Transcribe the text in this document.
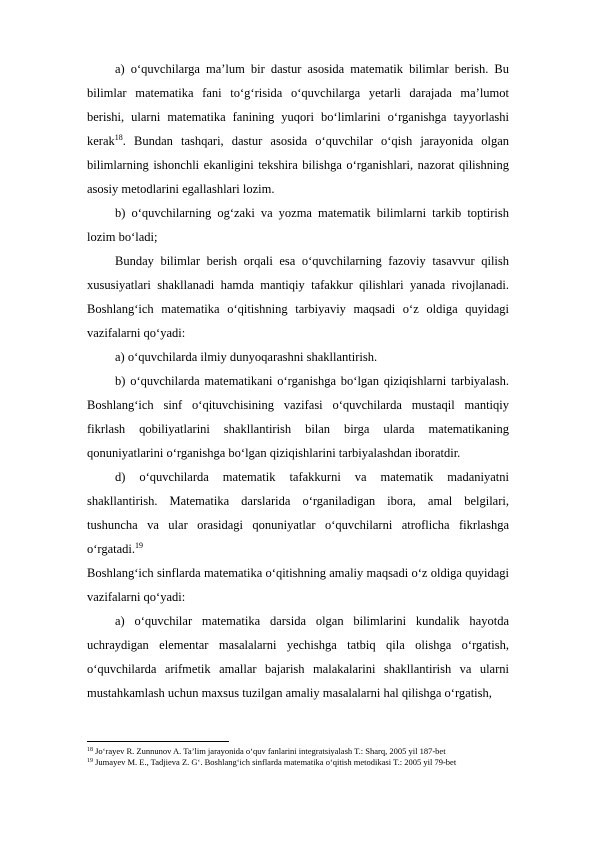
a) o‘quvchilarga ma’lum bir dastur asosida matematik bilimlar berish. Bu bilimlar matematika fani to‘g‘risida o‘quvchilarga yetarli darajada ma’lumot berishi, ularni matematika fanining yuqori bo‘limlarini o‘rganishga tayyorlashi kerak$^{18}$. Bundan tashqari, dastur asosida o‘quvchilar o‘qish jarayonida olgan bilimlarning ishonchli ekanligini tekshira bilishga o‘rganishlari, nazorat qilishning asosiy metodlarini egallashlari lozim.

b) o‘quvchilarning og‘zaki va yozma matematik bilimlarni tarkib toptirish lozim bo‘ladi;

Bunday bilimlar berish orqali esa o‘quvchilarning fazoviy tasavvur qilish xususiyatlari shakllanadi hamda mantiqiy tafakkur qilishlari yanada rivojlanadi. Boshlang‘ich matematika o‘qitishning tarbiyaviy maqsadi o‘z oldiga quyidagi vazifalarni qo‘yadi:

a) o‘quvchilarda ilmiy dunyoqarashni shakllantirish.

b) o‘quvchilarda matematikani o‘rganishga bo‘lgan qiziqishlarni tarbiyalash. Boshlang‘ich sinf o‘qituvchisining vazifasi o‘quvchilarda mustaqil mantiqiy fikrlash qobiliyatlarini shakllantirish bilan birga ularda matematikaning qonuniyatlarini o‘rganishga bo‘lgan qiziqishlarini tarbiyalashdan iboratdir.

d) o‘quvchilarda matematik tafakkurni va matematik madaniyatni shakllantirish. Matematika darslarida o‘rganiladigan ibora, amal belgilari, tushuncha va ular orasidagi qonuniyatlar o‘quvchilarni atroflicha fikrlashga o‘rgatadi.$^{19}$

Boshlang‘ich sinflarda matematika o‘qitishning amaliy maqsadi o‘z oldiga quyidagi vazifalarni qo‘yadi:

a) o‘quvchilar matematika darsida olgan bilimlarini kundalik hayotda uchraydigan elementar masalalarni yechishga tatbiq qila olishga o‘rgatish, o‘quvchilarda arifmetik amallar bajarish malakalarini shakllantirish va ularni mustahkamlash uchun maxsus tuzilgan amaliy masalalarni hal qilishga o‘rgatish,

$^{18}$ Jo‘rayev R. Zunnunov A. Ta’lim jarayonida o‘quv fanlarini integratsiyalash T.: Sharq, 2005 yil 187-bet

$^{19}$ Jumayev M. E., Tadjieva Z. G‘. Boshlang‘ich sinflarda matematika o‘qitish metodikasi T.: 2005 yil 79-bet
